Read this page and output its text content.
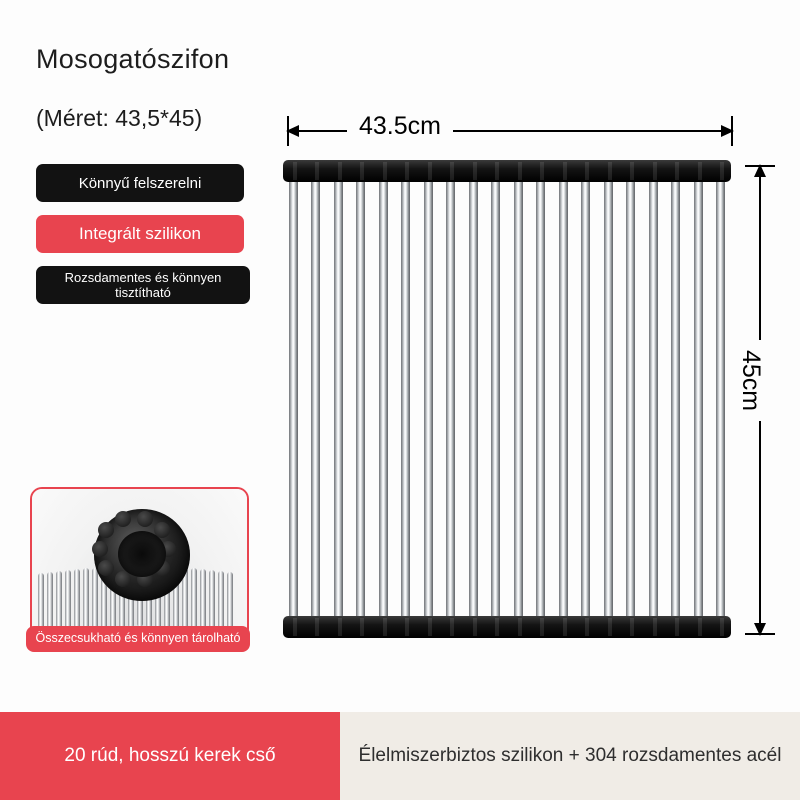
Mosogatószifon
(Méret: 43,5*45)
Könnyű felszerelni
Integrált szilikon
Rozsdamentes és könnyen tisztítható
Összecsukható és könnyen tárolható
43.5cm
45cm
20 rúd, hosszú kerek cső	Élelmiszerbiztos szilikon + 304 rozsdamentes acél
